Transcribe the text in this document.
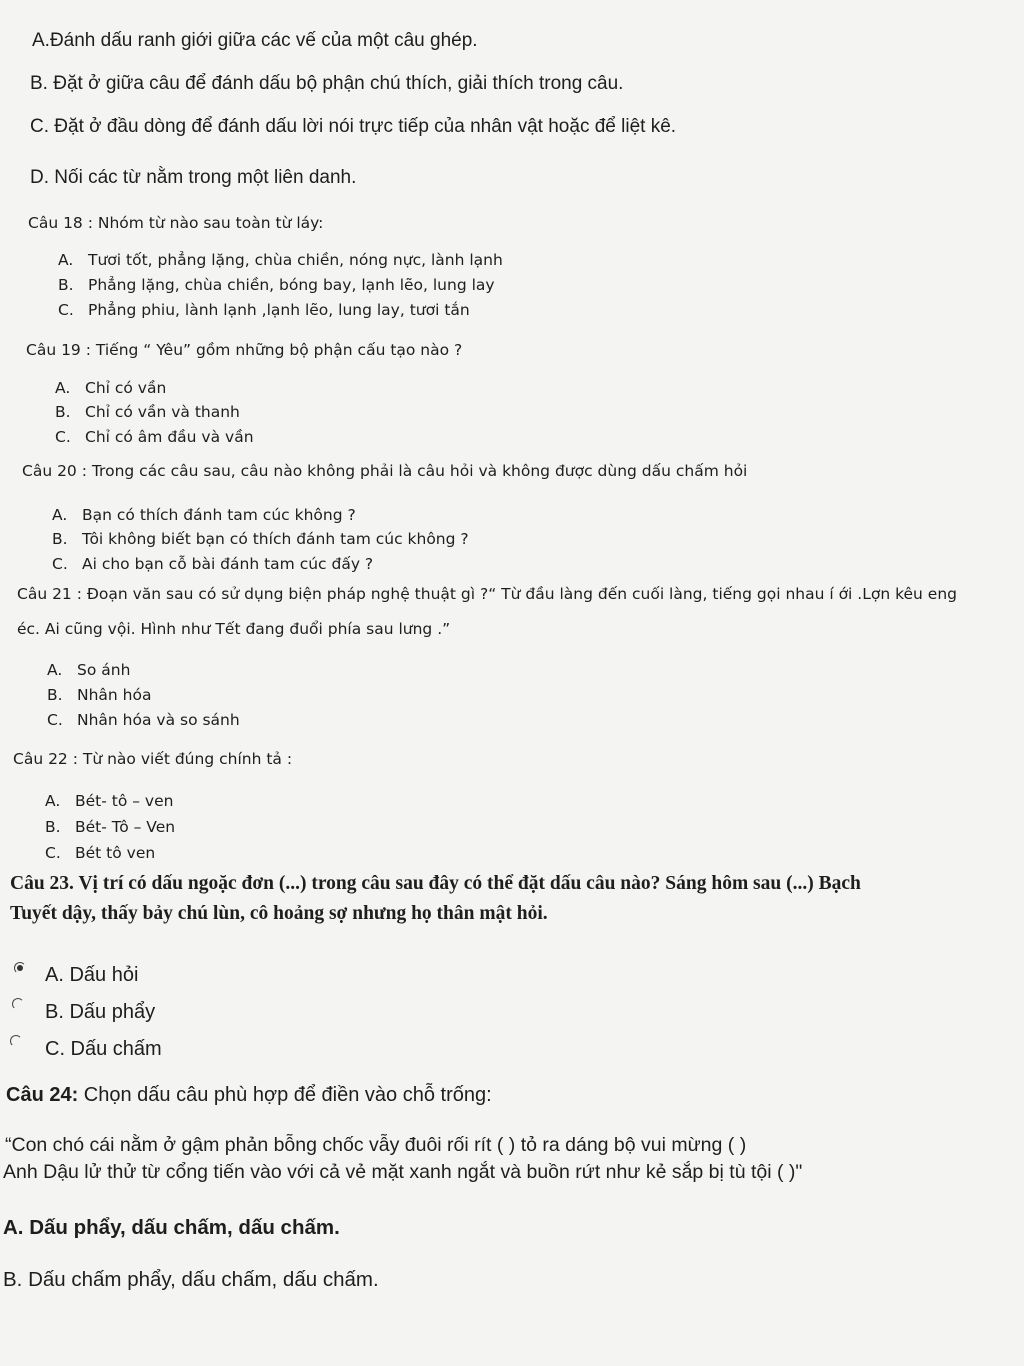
A.Đánh dấu ranh giới giữa các vế của một câu ghép.
B. Đặt ở giữa câu để đánh dấu bộ phận chú thích, giải thích trong câu.
C. Đặt ở đầu dòng để đánh dấu lời nói trực tiếp của nhân vật hoặc để liệt kê.
D. Nối các từ nằm trong một liên danh.
Câu 18 : Nhóm từ nào sau toàn từ láy:
A. Tươi tốt, phẳng lặng, chùa chiền, nóng nực, lành lạnh
B. Phẳng lặng, chùa chiền, bóng bay, lạnh lẽo, lung lay
C. Phẳng phiu, lành lạnh ,lạnh lẽo, lung lay, tươi tắn
Câu 19 : Tiếng “ Yêu” gồm những bộ phận cấu tạo nào ?
A. Chỉ có vần
B. Chỉ có vần và thanh
C. Chỉ có âm đầu và vần
Câu 20 : Trong các câu sau, câu nào không phải là câu hỏi và không được dùng dấu chấm hỏi
A. Bạn có thích đánh tam cúc không ?
B. Tôi không biết bạn có thích đánh tam cúc không ?
C. Ai cho bạn cỗ bài đánh tam cúc đấy ?
Câu 21 : Đoạn văn sau có sử dụng biện pháp nghệ thuật gì ?“ Từ đầu làng đến cuối làng, tiếng gọi nhau í ới .Lợn kêu eng
éc. Ai cũng vội. Hình như Tết đang đuổi phía sau lưng .”
A. So ánh
B. Nhân hóa
C. Nhân hóa và so sánh
Câu 22 : Từ nào viết đúng chính tả :
A. Bét- tô – ven
B. Bét- Tô – Ven
C. Bét tô ven
Câu 23. Vị trí có dấu ngoặc đơn (...) trong câu sau đây có thể đặt dấu câu nào? Sáng hôm sau (...) Bạch
Tuyết dậy, thấy bảy chú lùn, cô hoảng sợ nhưng họ thân mật hỏi.
A. Dấu hỏi
B. Dấu phẩy
C. Dấu chấm
Câu 24: Chọn dấu câu phù hợp để điền vào chỗ trống:
“Con chó cái nằm ở gậm phản bỗng chốc vẫy đuôi rối rít ( ) tỏ ra dáng bộ vui mừng ( )
Anh Dậu lử thử từ cổng tiến vào với cả vẻ mặt xanh ngắt và buồn rứt như kẻ sắp bị tù tội ( )"
A. Dấu phẩy, dấu chấm, dấu chấm.
B. Dấu chấm phẩy, dấu chấm, dấu chấm.
